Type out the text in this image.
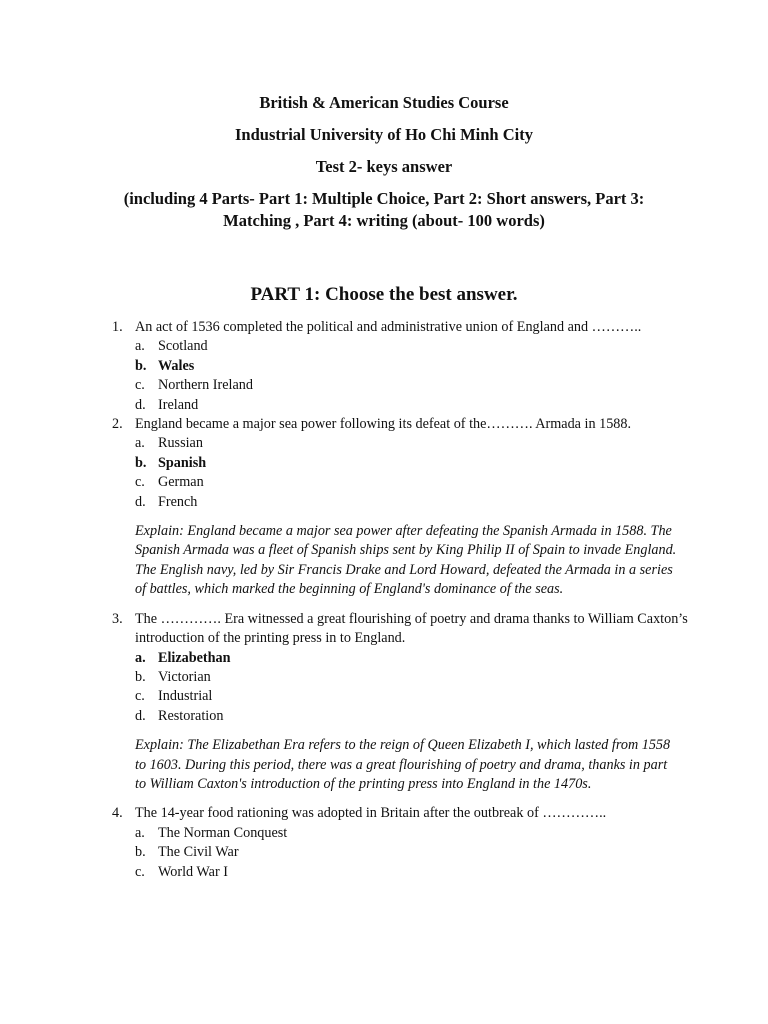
British & American Studies Course
Industrial University of Ho Chi Minh City
Test 2- keys answer
(including 4 Parts- Part 1: Multiple Choice, Part 2: Short answers, Part 3: Matching , Part 4: writing (about- 100 words)
PART 1: Choose the best answer.
1. An act of 1536 completed the political and administrative union of England and ………..
a. Scotland
b. Wales
c. Northern Ireland
d. Ireland
2. England became a major sea power following its defeat of the………. Armada in 1588.
a. Russian
b. Spanish
c. German
d. French
Explain: England became a major sea power after defeating the Spanish Armada in 1588. The Spanish Armada was a fleet of Spanish ships sent by King Philip II of Spain to invade England. The English navy, led by Sir Francis Drake and Lord Howard, defeated the Armada in a series of battles, which marked the beginning of England's dominance of the seas.
3. The …………. Era witnessed a great flourishing of poetry and drama thanks to William Caxton’s introduction of the printing press in to England.
a. Elizabethan
b. Victorian
c. Industrial
d. Restoration
Explain: The Elizabethan Era refers to the reign of Queen Elizabeth I, which lasted from 1558 to 1603. During this period, there was a great flourishing of poetry and drama, thanks in part to William Caxton's introduction of the printing press into England in the 1470s.
4. The 14-year food rationing was adopted in Britain after the outbreak of …………..
a. The Norman Conquest
b. The Civil War
c. World War I
